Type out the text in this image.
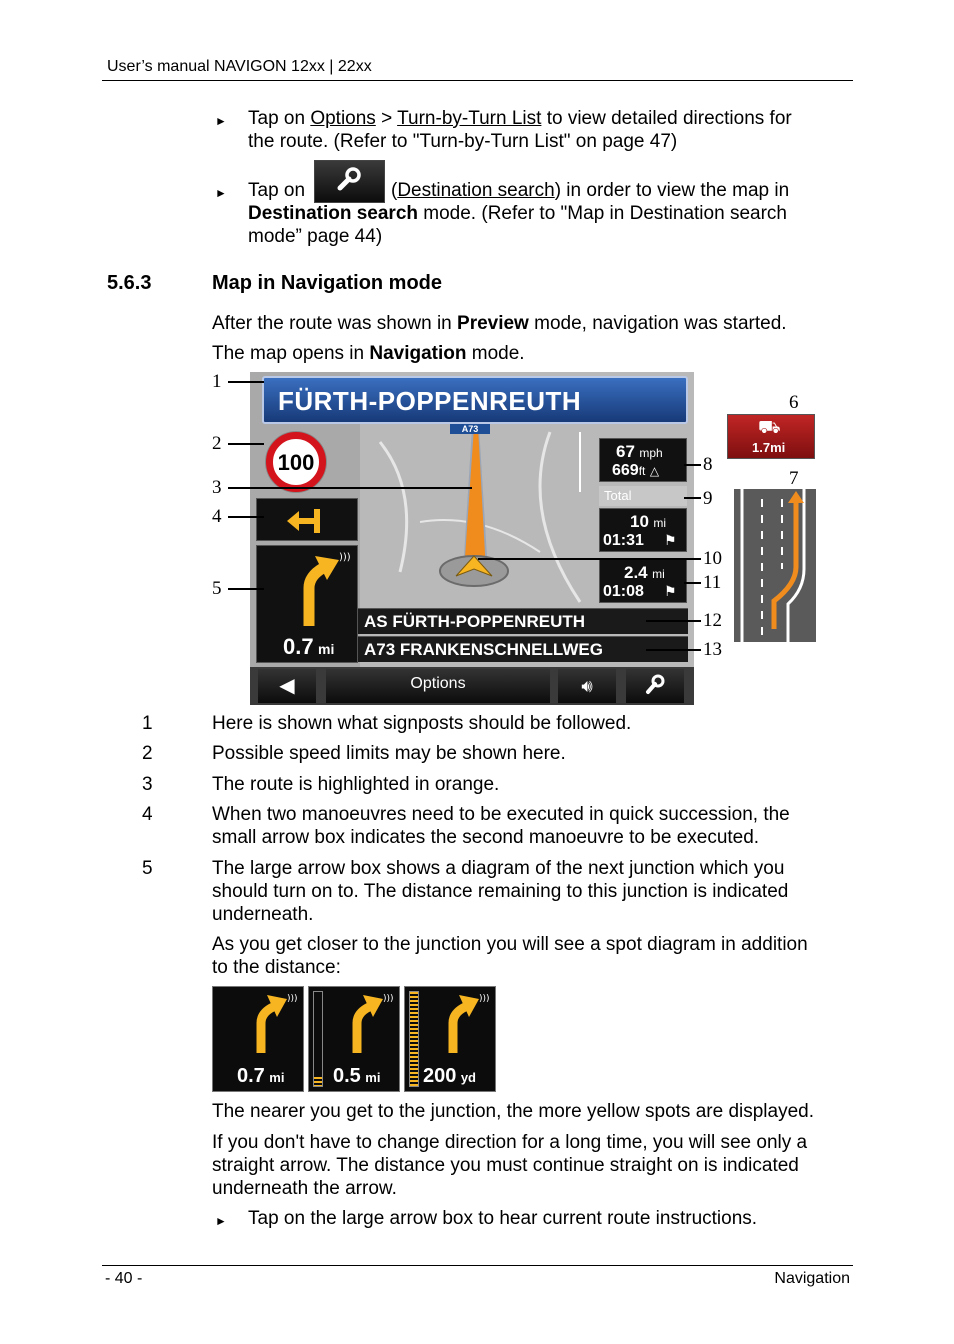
User’s manual NAVIGON 12xx | 22xx
► Tap on Options > Turn-by-Turn List to view detailed directions for
the route. (Refer to "Turn-by-Turn List" on page 47)
► Tap on	(Destination search) in order to view the map in
Destination search mode. (Refer to "Map in Destination search
mode” page 44)
5.6.3	Map in Navigation mode
After the route was shown in Preview mode, navigation was started.
The map opens in Navigation mode.
FÜRTH-POPPENREUTH
A73
100
)))
0.7 mi
67 mph
669ft △
Total
10 mi
01:31 ⚑
2.4 mi
01:08 ⚑
AS FÜRTH-POPPENREUTH
A73 FRANKENSCHNELLWEG
◀	Options	🔊︎
⛟
1.7mi
1
2
3
4
5
6
7
8
9
10
11
12
13
1	Here is shown what signposts should be followed.
2	Possible speed limits may be shown here.
3	The route is highlighted in orange.
4	When two manoeuvres need to be executed in quick succession, the
small arrow box indicates the second manoeuvre to be executed.
5	The large arrow box shows a diagram of the next junction which you
should turn on to. The distance remaining to this junction is indicated
underneath.
As you get closer to the junction you will see a spot diagram in addition
to the distance:
)))
0.7 mi
)))
0.5 mi
)))
200 yd
The nearer you get to the junction, the more yellow spots are displayed.
If you don't have to change direction for a long time, you will see only a
straight arrow. The distance you must continue straight on is indicated
underneath the arrow.
► Tap on the large arrow box to hear current route instructions.
- 40 -	Navigation
